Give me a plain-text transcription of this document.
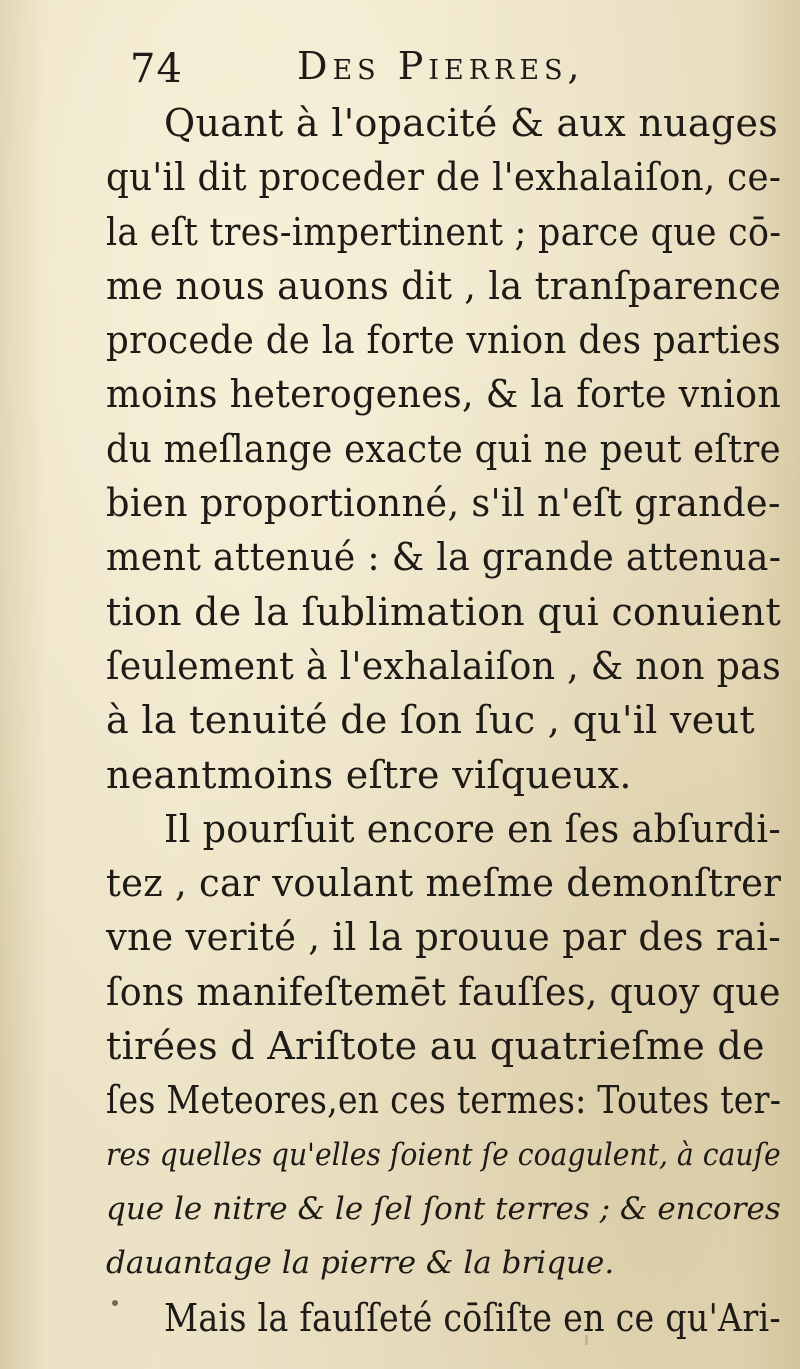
74	Des Pierres,
Quant à l'opacité & aux nuages
qu'il dit proceder de l'exhalaiſon, ce-
la eſt tres-impertinent ; parce que cō-
me nous auons dit , la tranſparence
procede de la forte vnion des parties
moins heterogenes, & la forte vnion
du meſlange exacte qui ne peut eſtre
bien proportionné, s'il n'eſt grande-
ment attenué : & la grande attenua-
tion de la ſublimation qui conuient
ſeulement à l'exhalaiſon , & non pas
à la tenuité de ſon ſuc , qu'il veut
neantmoins eſtre viſqueux.
Il pourſuit encore en ſes abſurdi-
tez , car voulant meſme demonſtrer
vne verité , il la prouue par des rai-
ſons manifeſtemēt fauſſes, quoy que
tirées d Ariſtote au quatrieſme de
ſes Meteores,en ces termes: Toutes ter-
res quelles qu'elles ſoient ſe coagulent, à cauſe
que le nitre & le ſel ſont terres ; & encores
dauantage la pierre & la brique.
Mais la fauſſeté cōſiſte en ce qu'Ari-
